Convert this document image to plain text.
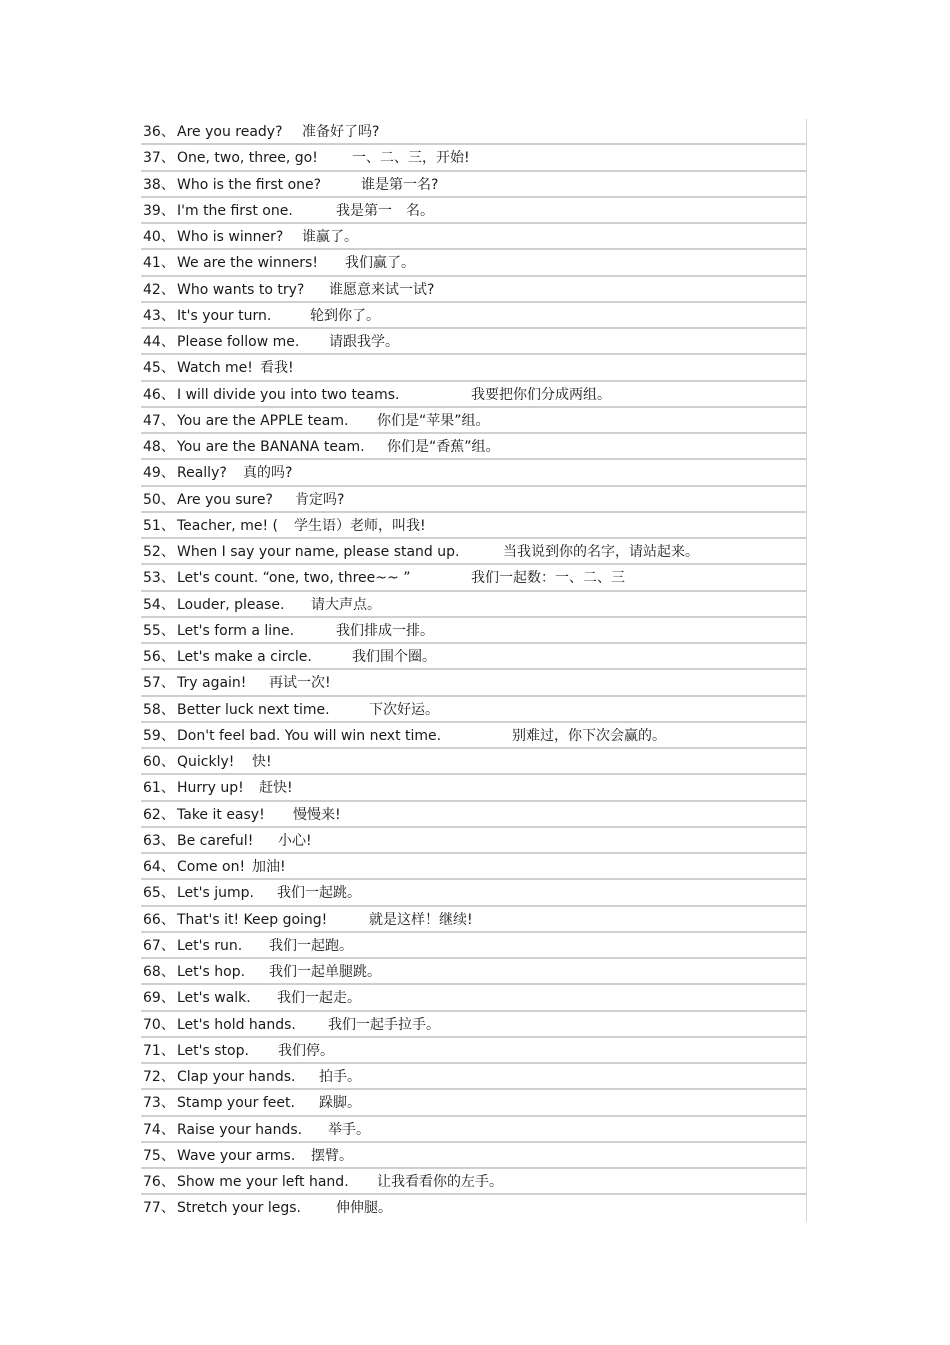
36、 Are you ready? 准备好了吗?
37、 One, two, three, go! 一、二、三，开始!
38、 Who is the first one?	谁是第一名?
39、 I'm the first one.	我是第一　名。
40、 Who is winner? 谁赢了。
41、 We are the winners! 我们赢了。
42、 Who wants to try? 谁愿意来试一试?
43、 It's your turn.	轮到你了。
44、 Please follow me. 请跟我学。
45、 Watch me! 看我!
46、 I will divide you into two teams.	我要把你们分成两组。
47、 You are the APPLE team. 你们是“苹果”组。
48、 You are the BANANA team. 你们是“香蕉”组。
49、 Really? 真的吗?
50、 Are you sure? 肯定吗?
51、 Teacher, me! ( 学生语）老师，叫我!
52、 When I say your name, please stand up.	当我说到你的名字，请站起来。
53、 Let's count. “one, two, three~~ ”	我们一起数：一、二、三
54、 Louder, please. 请大声点。
55、 Let's form a line.	我们排成一排。
56、 Let's make a circle.	我们围个圈。
57、 Try again! 再试一次!
58、 Better luck next time.	下次好运。
59、 Don't feel bad. You will win next time.	别难过，你下次会赢的。
60、 Quickly! 快!
61、 Hurry up! 赶快!
62、 Take it easy! 慢慢来!
63、 Be careful! 小心!
64、 Come on! 加油!
65、 Let's jump. 我们一起跳。
66、 That's it! Keep going!	就是这样！继续!
67、 Let's run. 我们一起跑。
68、 Let's hop. 我们一起单腿跳。
69、 Let's walk. 我们一起走。
70、 Let's hold hands. 我们一起手拉手。
71、 Let's stop. 我们停。
72、 Clap your hands. 拍手。
73、 Stamp your feet. 跺脚。
74、 Raise your hands. 举手。
75、 Wave your arms. 摆臂。
76、 Show me your left hand. 让我看看你的左手。
77、 Stretch your legs. 伸伸腿。
